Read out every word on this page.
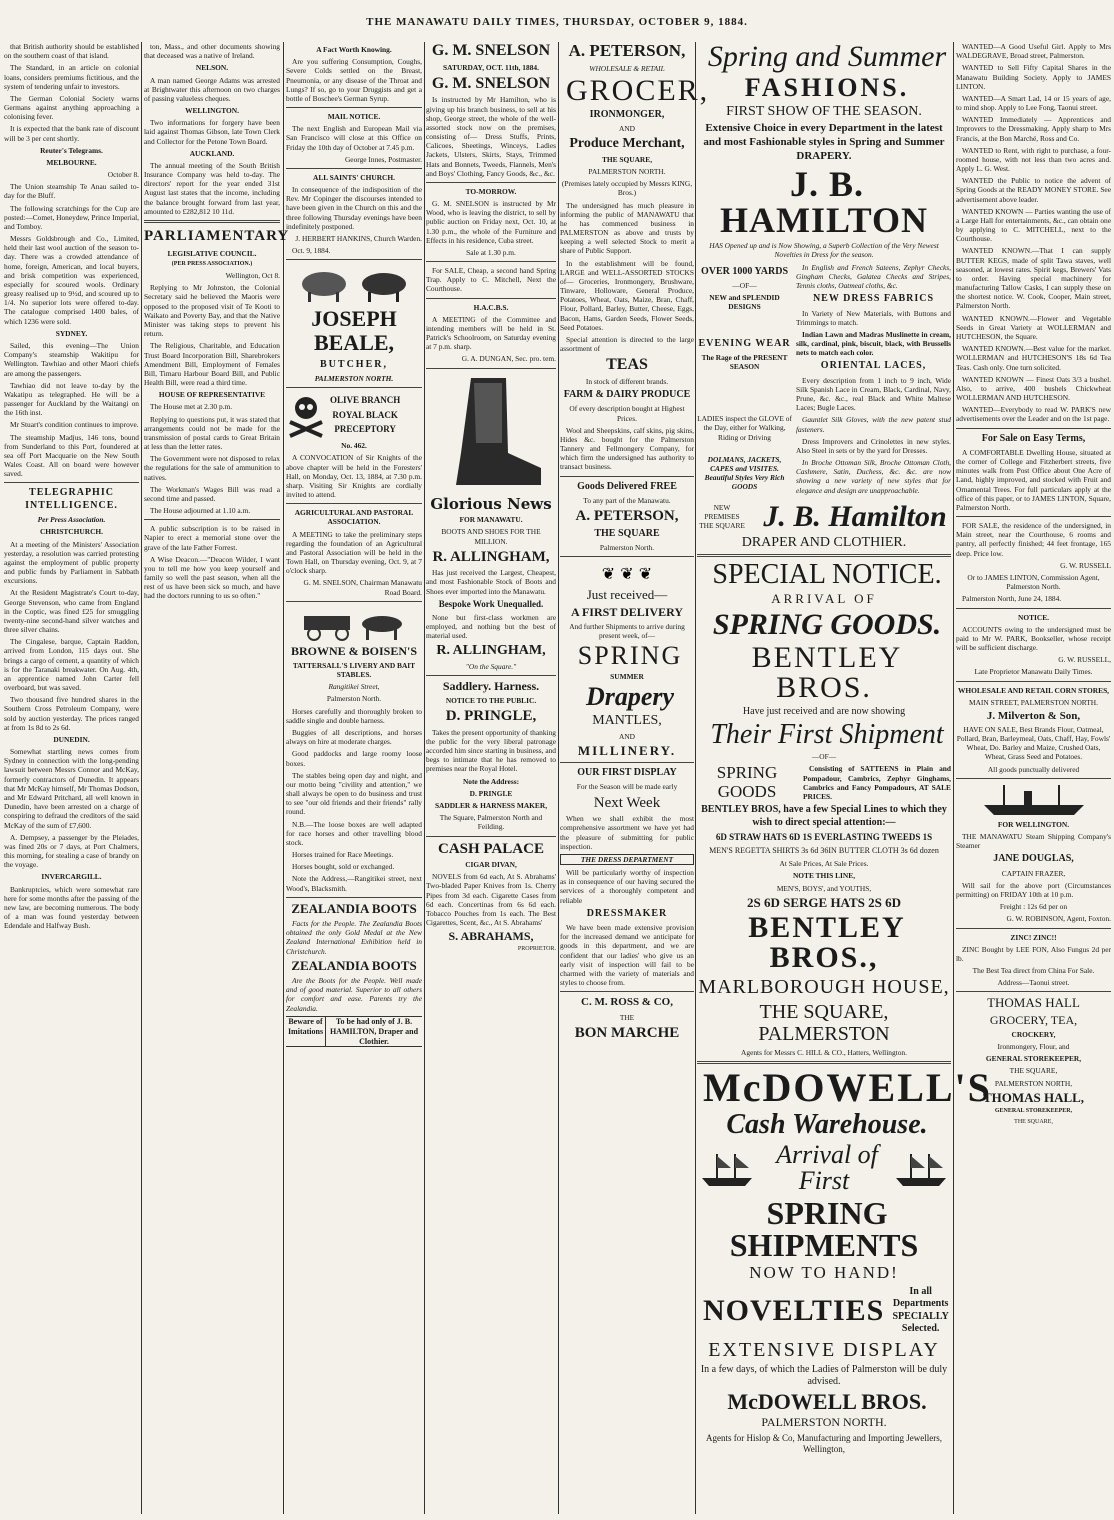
THE MANAWATU DAILY TIMES, THURSDAY, OCTOBER 9, 1884.

that British authority should be established on the southern coast of that island.

The Standard, in an article on colonial loans, considers premiums fictitious, and the system of tendering unfair to investors.

The German Colonial Society warns Germans against anything approaching a colonising fever.

It is expected that the bank rate of discount will be 3 per cent shortly.

Reuter's Telegrams.

MELBOURNE.

October 8.

The Union steamship Te Anau sailed to-day for the Bluff.

The following scratchings for the Cup are posted:—Comet, Honeydew, Prince Imperial, and Tomboy.

Messrs Goldsbrough and Co., Limited, held their last wool auction of the season to-day. There was a crowded attendance of home, foreign, American, and local buyers, and brisk competition was experienced, especially for scoured wools. Ordinary greasy realised up to 9½d, and scoured up to 1/4. No superior lots were offered to-day. The catalogue comprised 1400 bales, of which 1236 were sold.

SYDNEY.

Sailed, this evening—The Union Company's steamship Wakitipu for Wellington. Tawhiao and other Maori chiefs are among the passengers.

Tawhiao did not leave to-day by the Wakatipu as telegraphed. He will be a passenger for Auckland by the Waitangi on the 16th inst.

Mr Stuart's condition continues to improve.

The steamship Madjus, 146 tons, bound from Sunderland to this Port, foundered at sea off Port Macquarie on the New South Wales Coast. All on board were however saved.

TELEGRAPHIC INTELLIGENCE.

Per Press Association.

CHRISTCHURCH.

At a meeting of the Ministers' Association yesterday, a resolution was carried protesting against the employment of public property and public funds by Parliament in Sabbath excursions.

At the Resident Magistrate's Court to-day, George Stevenson, who came from England in the Coptic, was fined £25 for smuggling twenty-nine second-hand silver watches and three silver chains.

The Cingalese, barque, Captain Raddon, arrived from London, 115 days out. She brings a cargo of cement, a quantity of which is for the Taranaki breakwater. On Aug. 4th, an apprentice named John Carter fell overboard, but was saved.

Two thousand five hundred shares in the Southern Cross Petroleum Company, were sold by auction yesterday. The prices ranged at from 1s 8d to 2s 6d.

DUNEDIN.

Somewhat startling news comes from Sydney in connection with the long-pending lawsuit between Messrs Connor and McKay, formerly contractors of Dunedin. It appears that Mr McKay himself, Mr Thomas Dodson, and Mr Edward Pritchard, all well known in Dunedin, have been arrested on a charge of conspiring to defraud the creditors of the said McKay of the sum of £7,600.

A. Dempsey, a passenger by the Pleiades, was fined 20s or 7 days, at Port Chalmers, this morning, for stealing a case of brandy on the voyage.

INVERCARGILL.

Bankruptcies, which were somewhat rare here for some months after the passing of the new law, are becoming numerous. The body of a man was found yesterday between Edendale and Halfway Bush.

ton, Mass., and other documents showing that deceased was a native of Ireland.

NELSON.

A man named George Adams was arrested at Brightwater this afternoon on two charges of passing valueless cheques.

WELLINGTON.

Two informations for forgery have been laid against Thomas Gibson, late Town Clerk and Collector for the Petone Town Board.

AUCKLAND.

The annual meeting of the South British Insurance Company was held to-day. The directors' report for the year ended 31st August last states that the income, including the balance brought forward from last year, amounted to £282,812 10 11d.

PARLIAMENTARY

LEGISLATIVE COUNCIL.

(PER PRESS ASSOCIATION.)

Wellington, Oct 8.

Replying to Mr Johnston, the Colonial Secretary said he believed the Maoris were opposed to the proposed visit of Te Kooti to Waikato and Poverty Bay, and that the Native Minister was taking steps to prevent his return.

The Religious, Charitable, and Education Trust Board Incorporation Bill, Sharebrokers Amendment Bill, Employment of Females Bill, Timaru Harbour Board Bill, and Public Health Bill, were read a third time.

HOUSE OF REPRESENTATIVE

The House met at 2.30 p.m.

Replying to questions put, it was stated that arrangements could not be made for the transmission of postal cards to Great Britain at less than the letter rates.

The Government were not disposed to relax the regulations for the sale of ammunition to natives.

The Workman's Wages Bill was read a second time and passed.

The House adjourned at 1.10 a.m.

A public subscription is to be raised in Napier to erect a memorial stone over the grave of the late Father Forrest.

A Wise Deacon.—"Deacon Wilder, I want you to tell me how you keep yourself and family so well the past season, when all the rest of us have been sick so much, and have had the doctors running to us so often."

A Fact Worth Knowing.

Are you suffering Consumption, Coughs, Severe Colds settled on the Breast, Pneumonia, or any disease of the Throat and Lungs? If so, go to your Druggists and get a bottle of Boschee's German Syrup.

MAIL NOTICE.

The next English and European Mail via San Francisco will close at this Office on Friday the 10th day of October at 7.45 p.m.

George Innes, Postmaster.

ALL SAINTS' CHURCH.

In consequence of the indisposition of the Rev. Mr Copinger the discourses intended to have been given in the Church on this and the three following Thursday evenings have been indefinitely postponed.

J. HERBERT HANKINS, Church Warden.

Oct. 9, 1884.

JOSEPH BEALE,

BUTCHER,

PALMERSTON NORTH.

OLIVE BRANCH

ROYAL BLACK

PRECEPTORY

No. 462.

A CONVOCATION of Sir Knights of the above chapter will be held in the Foresters' Hall, on Monday, Oct. 13, 1884, at 7.30 p.m. sharp. Visiting Sir Knights are cordially invited to attend.

AGRICULTURAL AND PASTORAL ASSOCIATION.

A MEETING to take the preliminary steps regarding the foundation of an Agricultural and Pastoral Association will be held in the Town Hall, on Thursday evening, Oct. 9, at 7 o'clock sharp.

G. M. SNELSON, Chairman Manawatu Road Board.

BROWNE & BOISEN'S

TATTERSALL'S LIVERY AND BAIT STABLES.

Rangitikei Street,

Palmerston North.

Horses carefully and thoroughly broken to saddle single and double harness.

Buggies of all descriptions, and horses always on hire at moderate charges.

Good paddocks and large roomy loose boxes.

The stables being open day and night, and our motto being "civility and attention," we shall always be open to do business and trust to see "our old friends and their friends" rally round.

N.B.—The loose boxes are well adapted for race horses and other travelling blood stock.

Horses trained for Race Meetings.

Horses bought, sold or exchanged.

Note the Address,—Rangitikei street, next Wood's, Blacksmith.

ZEALANDIA BOOTS

Facts for the People. The Zealandia Boots obtained the only Gold Medal at the New Zealand International Exhibition held in Christchurch.

ZEALANDIA BOOTS

Are the Boots for the People. Well made and of good material. Superior to all others for comfort and ease. Parents try the Zealandia.

Beware of Imitations
To be had only of J. B. HAMILTON, Draper and Clothier.

G. M. SNELSON

SATURDAY, OCT. 11th, 1884.

G. M. SNELSON

Is instructed by Mr Hamilton, who is giving up his branch business, to sell at his shop, George street, the whole of the well-assorted stock now on the premises, consisting of— Dress Stuffs, Prints, Calicoes, Sheetings, Winceys, Ladies Jackets, Ulsters, Skirts, Stays, Trimmed Hats and Bonnets, Tweeds, Flannels, Men's and Boys' Clothing, Fancy Goods, &c., &c.

TO-MORROW.

G. M. SNELSON is instructed by Mr Wood, who is leaving the district, to sell by public auction on Friday next, Oct. 10, at 1.30 p.m., the whole of the Furniture and Effects in his residence, Cuba street.

Sale at 1.30 p.m.

For SALE, Cheap, a second hand Spring Trap. Apply to C. Mitchell, Next the Courthouse.

H.A.C.B.S.

A MEETING of the Committee and intending members will be held in St. Patrick's Schoolroom, on Saturday evening at 7 p.m. sharp.

G. A. DUNGAN, Sec. pro. tem.

Glorious News

FOR MANAWATU.

BOOTS AND SHOES FOR THE MILLION.

R. ALLINGHAM,

Has just received the Largest, Cheapest, and most Fashionable Stock of Boots and Shoes ever imported into the Manawatu.

Bespoke Work Unequalled.

None but first-class workmen are employed, and nothing but the best of material used.

R. ALLINGHAM,

"On the Square."

Saddlery. Harness.

NOTICE TO THE PUBLIC.

D. PRINGLE,

Takes the present opportunity of thanking the public for the very liberal patronage accorded him since starting in business, and begs to intimate that he has removed to premises near the Royal Hotel.

Note the Address:

D. PRINGLE

SADDLER & HARNESS MAKER,

The Square, Palmerston North and Feilding.

CASH PALACE

CIGAR DIVAN,

NOVELS from 6d each, At S. Abrahams' Two-bladed Paper Knives from 1s. Cherry Pipes from 3d each. Cigarette Cases from 6d each. Concertinas from 6s 6d each. Tobacco Pouches from 1s each. The Best Cigarettes, Scent, &c., At S. Abrahams'

S. ABRAHAMS,

PROPRIETOR.

A. PETERSON,

WHOLESALE & RETAIL

GROCER,

IRONMONGER,

AND

Produce Merchant,

THE SQUARE,

PALMERSTON NORTH.

(Premises lately occupied by Messrs KING, Bros.)

The undersigned has much pleasure in informing the public of MANAWATU that he has commenced business in PALMERSTON as above and trusts by keeping a well selected Stock to merit a share of Public Support.

In the establishment will be found, LARGE and WELL-ASSORTED STOCKS of— Groceries, Ironmongery, Brushware, Tinware, Holloware, General Produce, Potatoes, Wheat, Oats, Maize, Bran, Chaff, Flour, Pollard, Barley, Butter, Cheese, Eggs, Bacon, Hams, Garden Seeds, Flower Seeds, Seed Potatoes.

Special attention is directed to the large assortment of

TEAS

In stock of different brands.

FARM & DAIRY PRODUCE

Of every description bought at Highest Prices.

Wool and Sheepskins, calf skins, pig skins, Hides &c. bought for the Palmerston Tannery and Fellmongery Company, for which firm the undersigned has authority to transact business.

Goods Delivered FREE

To any part of the Manawatu.

A. PETERSON,

THE SQUARE

Palmerston North.

❦ ❦ ❦

Just received—

A FIRST DELIVERY

And further Shipments to arrive during present week, of—

SPRING

SUMMER

Drapery

MANTLES,

AND

MILLINERY.

OUR FIRST DISPLAY

For the Season will be made early

Next Week

When we shall exhibit the most comprehensive assortment we have yet had the pleasure of submitting for public inspection.

THE DRESS DEPARTMENT

Will be particularly worthy of inspection as in consequence of our having secured the services of a thoroughly competent and reliable

DRESSMAKER

We have been made extensive provision for the increased demand we anticipate for goods in this department, and we are confident that our ladies' who give us an early visit of inspection will fail to be charmed with the variety of materials and styles to choose from.

C. M. ROSS & CO,

THE

BON MARCHE

Spring and Summer

FASHIONS.

FIRST SHOW OF THE SEASON.

Extensive Choice in every Department in the latest and most Fashionable styles in Spring and Summer DRAPERY.

J. B. HAMILTON

HAS Opened up and is Now Showing, a Superb Collection of the Very Newest Novelties in Dress for the season.

OVER 1000 YARDS

—OF—

NEW and SPLENDID DESIGNS

EVENING WEAR

The Rage of the PRESENT SEASON

LADIES inspect the GLOVE of the Day, either for Walking, Riding or Driving

DOLMANS, JACKETS, CAPES and VISITES. Beautiful Styles Very Rich GOODS

In English and French Sateens, Zephyr Checks, Gingham Checks, Galatea Checks and Stripes, Tennis cloths, Oatmeal cloths, &c.

NEW DRESS FABRICS

In Variety of New Materials, with Buttons and Trimmings to match.

Indian Lawn and Madras Muslinette in cream, silk, cardinal, pink, biscuit, black, with Brussells nets to match each color.

ORIENTAL LACES,

Every description from 1 inch to 9 inch, Wide Silk Spanish Lace in Cream, Black, Cardinal, Navy, Prune, &c. &c., real Black and White Maltese Laces; Bugle Laces.

Gauntlet Silk Gloves, with the new patent stud fasteners.

Dress Improvers and Crinolettes in new styles. Also Steel in sets or by the yard for Dresses.

In Broche Ottoman Silk, Broche Ottoman Cloth, Cashmere, Satin, Duchess, &c. &c. are now showing a new variety of new styles that for elegance and design are unapproachable.

NEW PREMISES THE SQUARE J. B. Hamilton

DRAPER AND CLOTHIER.

SPECIAL NOTICE.

ARRIVAL OF

SPRING GOODS.

BENTLEY BROS.

Have just received and are now showing

Their First Shipment

—OF—

SPRING GOODS

Consisting of SATTEENS in Plain and Pompadour, Cambrics, Zephyr Ginghams, Cambrics and Fancy Pompadours, AT SALE PRICES.

BENTLEY BROS, have a few Special Lines to which they wish to direct special attention:—

6D STRAW HATS 6D 1S EVERLASTING TWEEDS 1S

MEN'S REGETTA SHIRTS 3s 6d 36IN BUTTER CLOTH 3s 6d dozen

At Sale Prices, At Sale Prices.

NOTE THIS LINE,

MEN'S, BOYS', and YOUTHS,

2S 6D SERGE HATS 2S 6D

BENTLEY BROS.,

MARLBOROUGH HOUSE,

THE SQUARE, PALMERSTON

Agents for Messrs C. HILL & CO., Hatters, Wellington.

McDOWELL'S

Cash Warehouse.

Arrival of First

SPRING SHIPMENTS

NOW TO HAND!

NOVELTIES

In all Departments SPECIALLY Selected.

EXTENSIVE DISPLAY

In a few days, of which the Ladies of Palmerston will be duly advised.

McDOWELL BROS.

PALMERSTON NORTH.

Agents for Hislop & Co, Manufacturing and Importing Jewellers, Wellington,

WANTED—A Good Useful Girl. Apply to Mrs WALDEGRAVE, Broad street, Palmerston.

WANTED to Sell Fifty Capital Shares in the Manawatu Building Society. Apply to JAMES LINTON.

WANTED—A Smart Lad, 14 or 15 years of age, to mind shop. Apply to Lee Fong, Taonui street.

WANTED Immediately — Apprentices and Improvers to the Dressmaking. Apply sharp to Mrs Francis, at the Bon Marché, Ross and Co.

WANTED to Rent, with right to purchase, a four-roomed house, with not less than two acres and. Apply L. G. West.

WANTED the Public to notice the advent of Spring Goods at the READY MONEY STORE. See advertisement above leader.

WANTED KNOWN — Parties wanting the use of a Large Hall for entertainments, &c., can obtain one by applying to C. MITCHELL, next to the Courthouse.

WANTED KNOWN.—That I can supply BUTTER KEGS, made of split Tawa staves, well seasoned, at lowest rates. Spirit kegs, Brewers' Vats to order. Having special machinery for manufacturing Tallow Casks, I can supply these on the shortest notice. W. Cook, Cooper, Main street, Palmerston North.

WANTED KNOWN.—Flower and Vegetable Seeds in Great Variety at WOLLERMAN and HUTCHESON, the Square.

WANTED KNOWN.—Best value for the market. WOLLERMAN and HUTCHESON'S 18s 6d Tea Teas. Cash only. One turn solicited.

WANTED KNOWN — Finest Oats 3/3 a bushel. Also, to arrive, 400 bushels Chickwheat WOLLERMAN AND HUTCHESON.

WANTED—Everybody to read W. PARK'S new advertisements over the Leader and on the 1st page.

For Sale on Easy Terms,

A COMFORTABLE Dwelling House, situated at the corner of College and Fitzherbert streets, five minutes walk from Post Office about One Acre of Land, highly improved, and stocked with Fruit and Ornamental Trees. For full particulars apply at the office of this paper, or to JAMES LINTON, Square, Palmerston North.

FOR SALE, the residence of the undersigned, in Main street, near the Courthouse, 6 rooms and pantry, all perfectly finished; 44 feet frontage, 165 deep. Price low.

G. W. RUSSELL

Or to JAMES LINTON, Commission Agent, Palmerston North.

Palmerston North, June 24, 1884.

NOTICE.

ACCOUNTS owing to the undersigned must be paid to Mr W. PARK, Bookseller, whose receipt will be sufficient discharge.

G. W. RUSSELL,

Late Proprietor Manawatu Daily Times.

WHOLESALE AND RETAIL CORN STORES,

MAIN STREET, PALMERSTON NORTH.

J. Milverton & Son,

HAVE ON SALE, Best Brands Flour, Oatmeal, Pollard, Bran, Barleymeal, Oats, Chaff, Hay, Fowls' Wheat, Do. Barley and Maize, Crushed Oats, Wheat, Grass Seed and Potatoes.

All goods punctually delivered

FOR WELLINGTON.

THE MANAWATU Steam Shipping Company's Steamer

JANE DOUGLAS,

CAPTAIN FRAZER,

Will sail for the above port (Circumstances permitting) on FRIDAY 10th at 10 p.m.

Freight : 12s 6d per on

G. W. ROBINSON, Agent, Foxton.

ZINC! ZINC!!

ZINC Bought by LEE FON, Also Fungus 2d per lb.

The Best Tea direct from China For Sale.

Address—Taonui street.

THOMAS HALL

GROCERY, TEA,

CROCKERY,

Ironmongery, Flour, and

GENERAL STOREKEEPER,

THE SQUARE,

PALMERSTON NORTH,

THOMAS HALL,

GENERAL STOREKEEPER,

THE SQUARE,
